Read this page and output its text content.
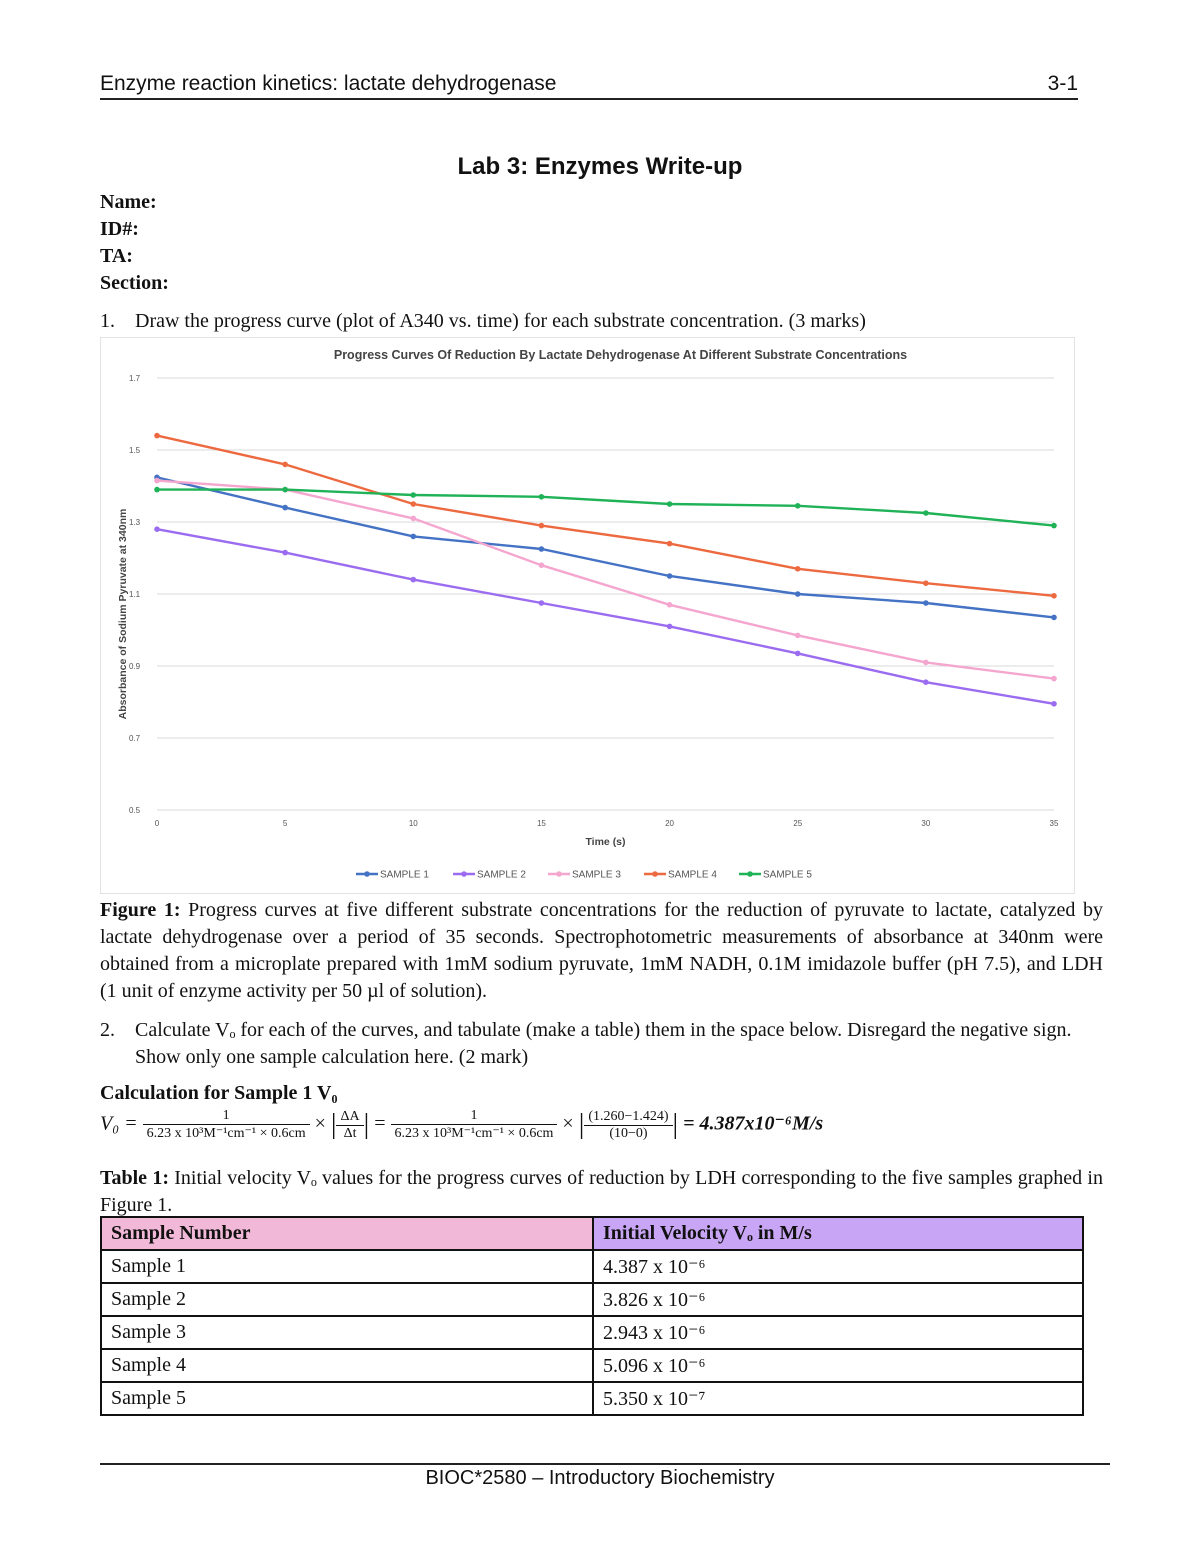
Enzyme reaction kinetics: lactate dehydrogenase	3-1
Lab 3: Enzymes Write-up
Name:
ID#:
TA:
Section:
1. Draw the progress curve (plot of A340 vs. time) for each substrate concentration. (3 marks)
Progress Curves Of Reduction By Lactate Dehydrogenase At Different Substrate Concentrations
1.7
1.5
1.3
1.1
0.9
0.7
0.5
0	5	10	15	20	25	30	35
Time (s)
Absorbance of Sodium Pyruvate at 340nm
SAMPLE 1	SAMPLE 2	SAMPLE 3	SAMPLE 4	SAMPLE 5
Figure 1: Progress curves at five different substrate concentrations for the reduction of pyruvate to lactate, catalyzed by lactate dehydrogenase over a period of 35 seconds. Spectrophotometric measurements of absorbance at 340nm were obtained from a microplate prepared with 1mM sodium pyruvate, 1mM NADH, 0.1M imidazole buffer (pH 7.5), and LDH (1 unit of enzyme activity per 50 µl of solution).
2. Calculate Vₒ for each of the curves, and tabulate (make a table) them in the space below. Disregard the negative sign. Show only one sample calculation here. (2 mark)
Calculation for Sample 1 V₀
$V_0 = \frac{1}{\text{6.23 x 10³M⁻¹cm⁻¹ × 0.6cm}}$ × | $\frac{\Delta A}{\Delta t}$ | = $\frac{1}{\text{6.23 x 10³M⁻¹cm⁻¹ × 0.6cm}}$ × | $\frac{(1.260-1.424)}{(10-0)}$ | = 4.387x10⁻⁶M/s
Table 1: Initial velocity Vₒ values for the progress curves of reduction by LDH corresponding to the five samples graphed in Figure 1.
Sample Number	Initial Velocity Vₒ in M/s
Sample 1	4.387 x 10⁻⁶
Sample 2	3.826 x 10⁻⁶
Sample 3	2.943 x 10⁻⁶
Sample 4	5.096 x 10⁻⁶
Sample 5	5.350 x 10⁻⁷
BIOC*2580 – Introductory Biochemistry
